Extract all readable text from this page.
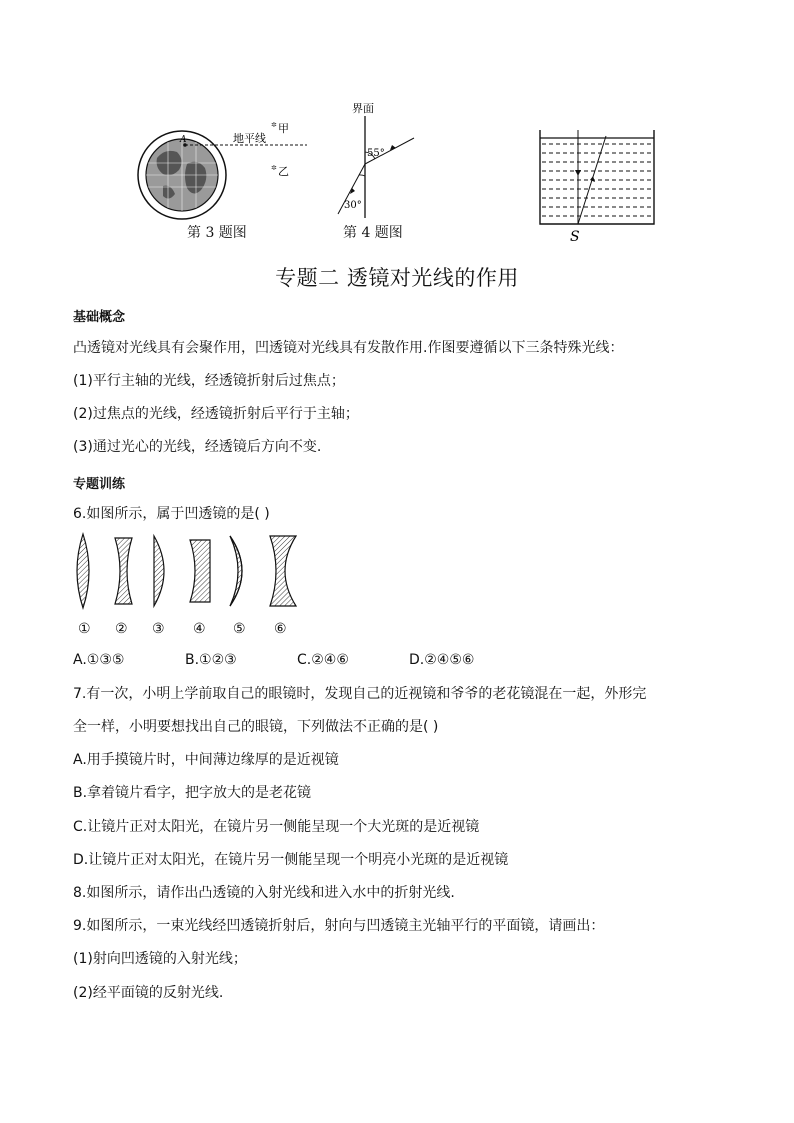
A	地平线
✲ 甲
✲ 乙
第 3 题图
界面
55°
30°
第 4 题图	S
专题二 透镜对光线的作用
基础概念
凸透镜对光线具有会聚作用，凹透镜对光线具有发散作用.作图要遵循以下三条特殊光线：
(1)平行主轴的光线，经透镜折射后过焦点；
(2)过焦点的光线，经透镜折射后平行于主轴；
(3)通过光心的光线，经透镜后方向不变.
专题训练
6.如图所示，属于凹透镜的是( )
① ② ③ ④ ⑤ ⑥
A.①③⑤	B.①②③	C.②④⑥	D.②④⑤⑥
7.有一次，小明上学前取自己的眼镜时，发现自己的近视镜和爷爷的老花镜混在一起，外形完
全一样，小明要想找出自己的眼镜，下列做法不正确的是( )
A.用手摸镜片时，中间薄边缘厚的是近视镜
B.拿着镜片看字，把字放大的是老花镜
C.让镜片正对太阳光，在镜片另一侧能呈现一个大光斑的是近视镜
D.让镜片正对太阳光，在镜片另一侧能呈现一个明亮小光斑的是近视镜
8.如图所示，请作出凸透镜的入射光线和进入水中的折射光线.
9.如图所示，一束光线经凹透镜折射后，射向与凹透镜主光轴平行的平面镜，请画出：
(1)射向凹透镜的入射光线；
(2)经平面镜的反射光线.
